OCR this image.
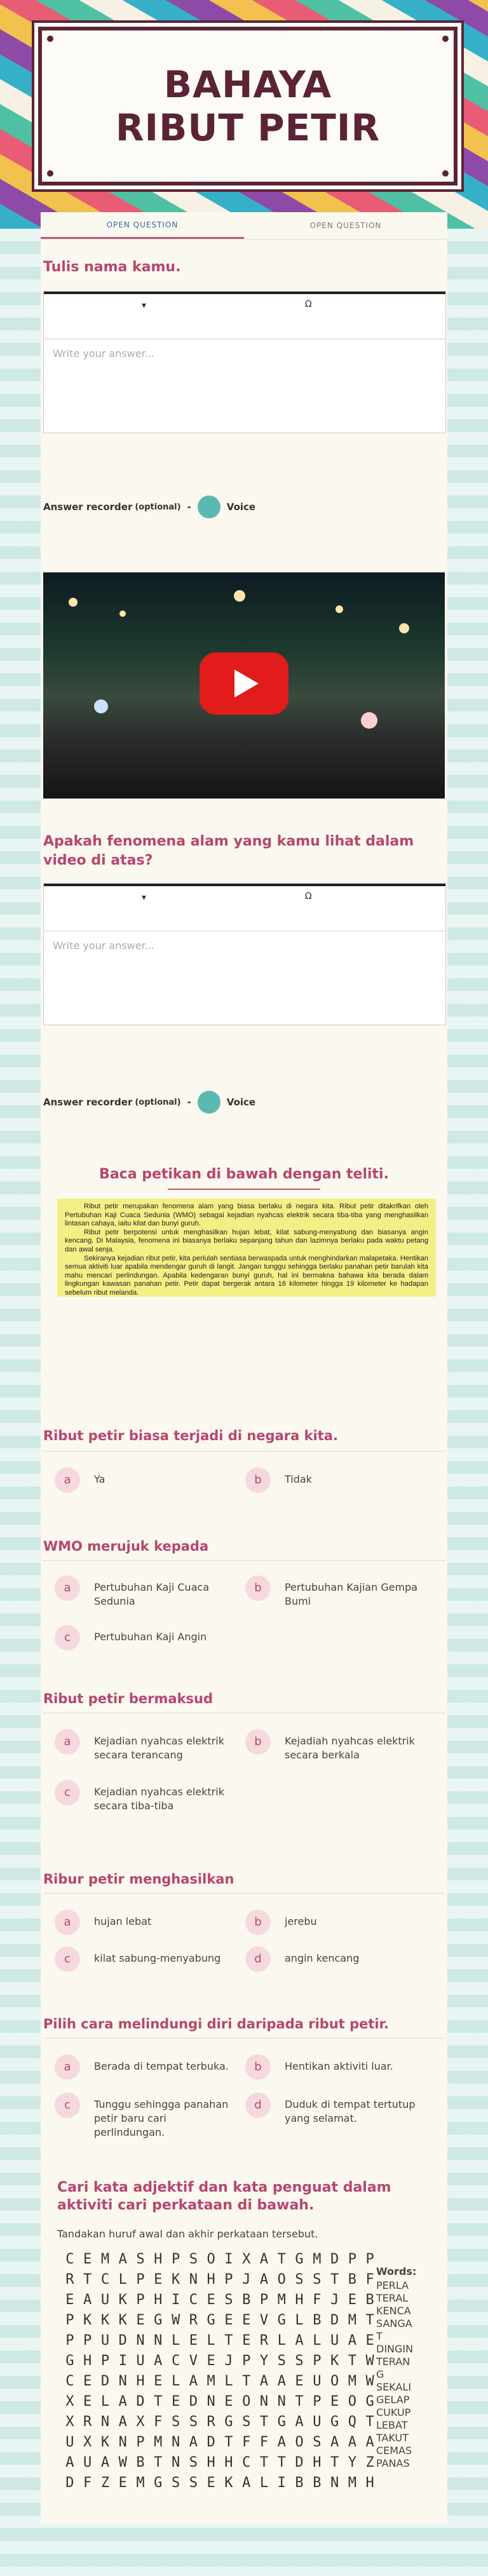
BAHAYA RIBUT PETIR
OPEN QUESTION	OPEN QUESTION
Tulis nama kamu.
▾	Ω
Write your answer...
Answer recorder (optional) -	Voice
Apakah fenomena alam yang kamu lihat dalam video di atas?
▾	Ω
Write your answer...
Answer recorder (optional) -	Voice
Baca petikan di bawah dengan teliti.

Ribut petir merupakan fenomena alam yang biasa berlaku di negara kita. Ribut petir ditakrifkan oleh Pertubuhan Kaji Cuaca Sedunia (WMO) sebagai kejadian nyahcas elektrik secara tiba-tiba yang menghasilkan lintasan cahaya, iaitu kilat dan bunyi guruh.

Ribut petir berpotensi untuk menghasilkan hujan lebat, kilat sabung-menyabung dan biasanya angin kencang. Di Malaysia, fenomena ini biasanya berlaku sepanjang tahun dan lazimnya berlaku pada waktu petang dan awal senja.

Sekiranya kejadian ribut petir, kita perlulah sentiasa berwaspada untuk menghindarkan malapetaka. Hentikan semua aktiviti luar apabila mendengar guruh di langit. Jangan tunggu sehingga berlaku panahan petir barulah kita mahu mencari perlindungan. Apabila kedengaran bunyi guruh, hal ini bermakna bahawa kita berada dalam lingkungan kawasan panahan petir. Petir dapat bergerak antara 16 kilometer hingga 19 kilometer ke hadapan sebelum ribut melanda.

Ribut petir biasa terjadi di negara kita.
a	Ya	b	Tidak
WMO merujuk kepada
a	Pertubuhan Kaji Cuaca Sedunia
b	Pertubuhan Kajian Gempa Bumi
c	Pertubuhan Kaji Angin
Ribut petir bermaksud
a	Kejadian nyahcas elektrik secara terancang
b	Kejadiah nyahcas elektrik secara berkala
c	Kejadian nyahcas elektrik secara tiba-tiba
Ribur petir menghasilkan
a	hujan lebat	b	jerebu
c	kilat sabung-menyabung	d	angin kencang
Pilih cara melindungi diri daripada ribut petir.
a	Berada di tempat terbuka.	b	Hentikan aktiviti luar.
c	Tunggu sehingga panahan petir baru cari perlindungan.
d	Duduk di tempat tertutup yang selamat.
Cari kata adjektif dan kata penguat dalam aktiviti cari perkataan di bawah.
Tandakan huruf awal dan akhir perkataan tersebut.
C E M A S H P S O I X A T G M D P P
R T C L P E K N H P J A O S S T B F
E A U K P H I C E S B P M H F J E B
P K K K E G W R G E E V G L B D M T
P P U D N N L E L T E R L A L U A E
G H P I U A C V E J P Y S S P K T W
C E D N H E L A M L T A A E U O M W
X E L A D T E D N E O N N T P E O G
X R N A X F S S R G S T G A U G Q T
U X K N P M N A D T F F A O S A A A
A U A W B T N S H H C T T D H T Y Z
D F Z E M G S S E K A L I B B N M H
Words:
PERLA
TERAL
KENCA
SANGA
T
DINGIN
TERAN
G
SEKALI
GELAP
CUKUP
LEBAT
TAKUT
CEMAS
PANAS
